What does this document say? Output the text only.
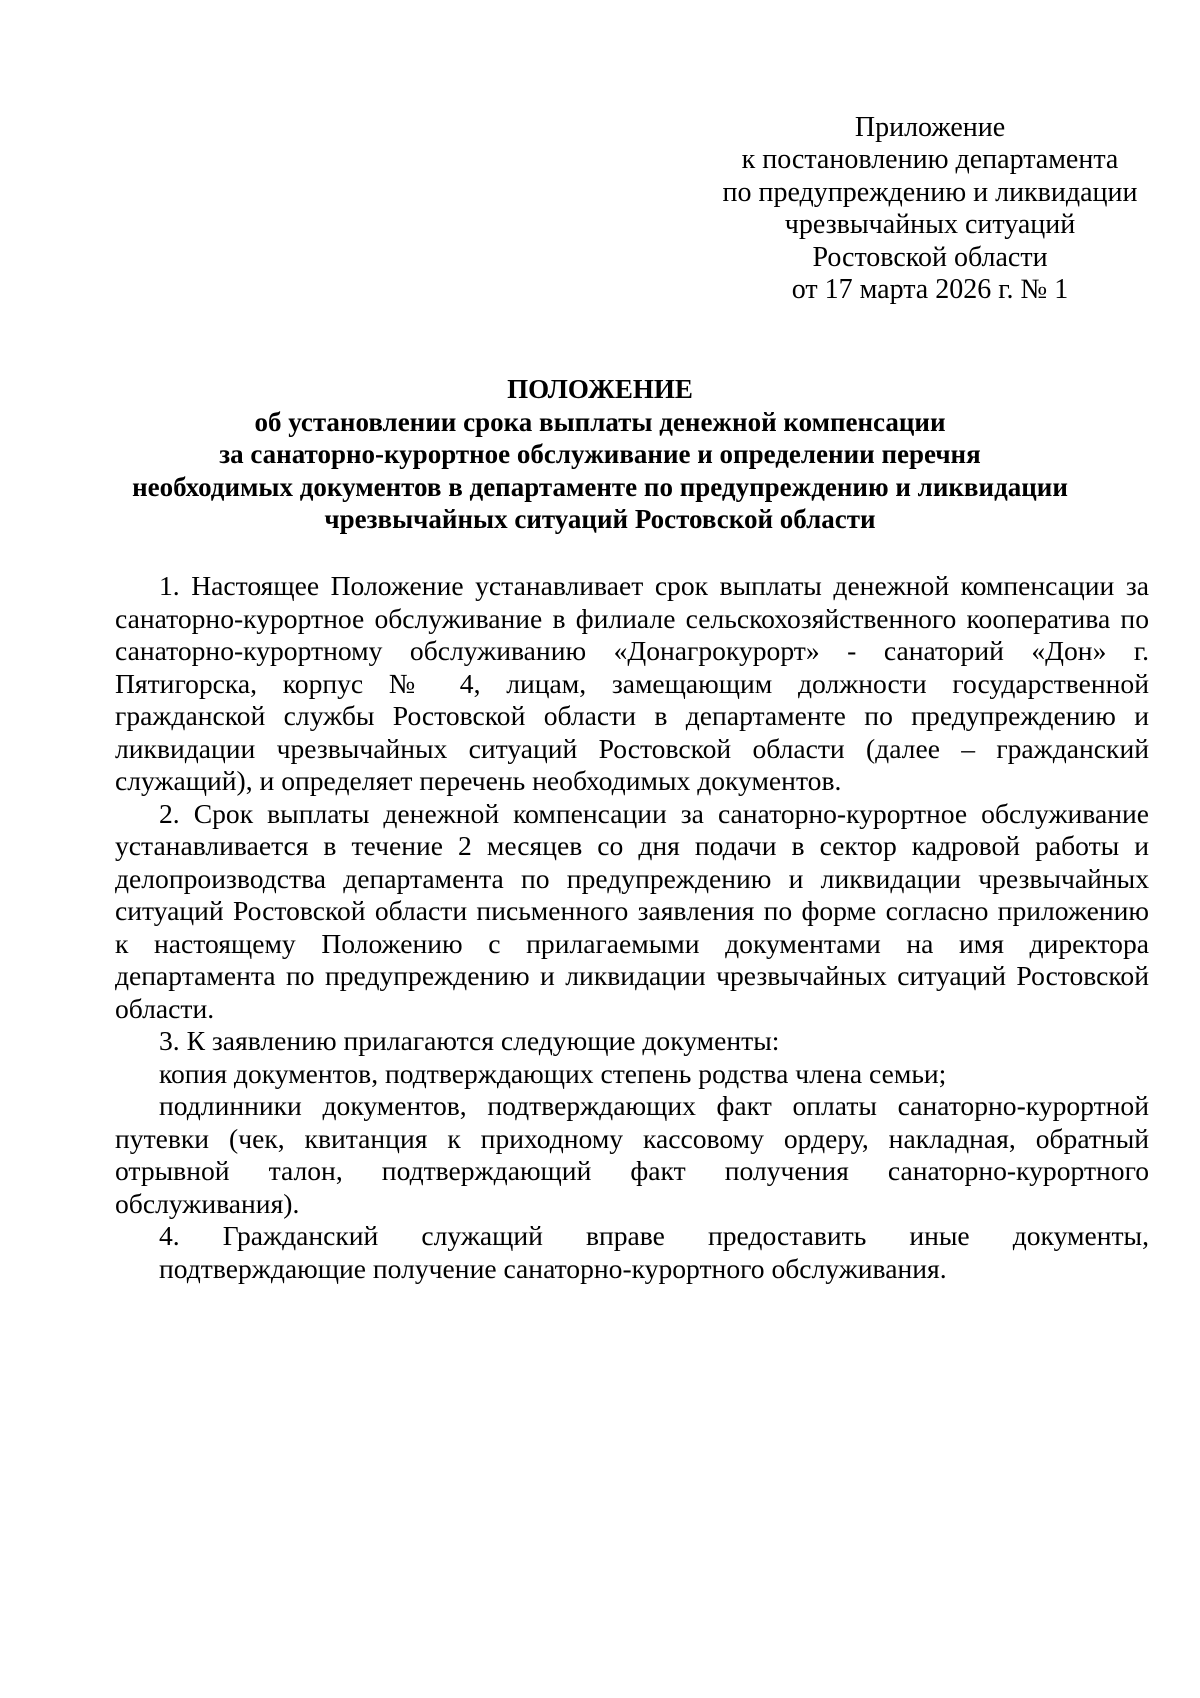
Приложение
к постановлению департамента
по предупреждению и ликвидации
чрезвычайных ситуаций
Ростовской области
от 17 марта 2026 г. № 1
ПОЛОЖЕНИЕ
об установлении срока выплаты денежной компенсации
за санаторно-курортное обслуживание и определении перечня
необходимых документов в департаменте по предупреждению и ликвидации
чрезвычайных ситуаций Ростовской области

1. Настоящее Положение устанавливает срок выплаты денежной компенсации за санаторно-курортное обслуживание в филиале сельскохозяйственного кооператива по санаторно-курортному обслуживанию «Донагрокурорт» - санаторий «Дон» г. Пятигорска, корпус № 4, лицам, замещающим должности государственной гражданской службы Ростовской области в департаменте по предупреждению и ликвидации чрезвычайных ситуаций Ростовской области (далее – гражданский служащий), и определяет перечень необходимых документов.

2. Срок выплаты денежной компенсации за санаторно-курортное обслуживание устанавливается в течение 2 месяцев со дня подачи в сектор кадровой работы и делопроизводства департамента по предупреждению и ликвидации чрезвычайных ситуаций Ростовской области письменного заявления по форме согласно приложению к настоящему Положению с прилагаемыми документами на имя директора департамента по предупреждению и ликвидации чрезвычайных ситуаций Ростовской области.

3. К заявлению прилагаются следующие документы:

копия документов, подтверждающих степень родства члена семьи;

подлинники документов, подтверждающих факт оплаты санаторно-курортной путевки (чек, квитанция к приходному кассовому ордеру, накладная, обратный отрывной талон, подтверждающий факт получения санаторно-курортного обслуживания).

4. Гражданский служащий вправе предоставить иные документы,

подтверждающие получение санаторно-курортного обслуживания.
